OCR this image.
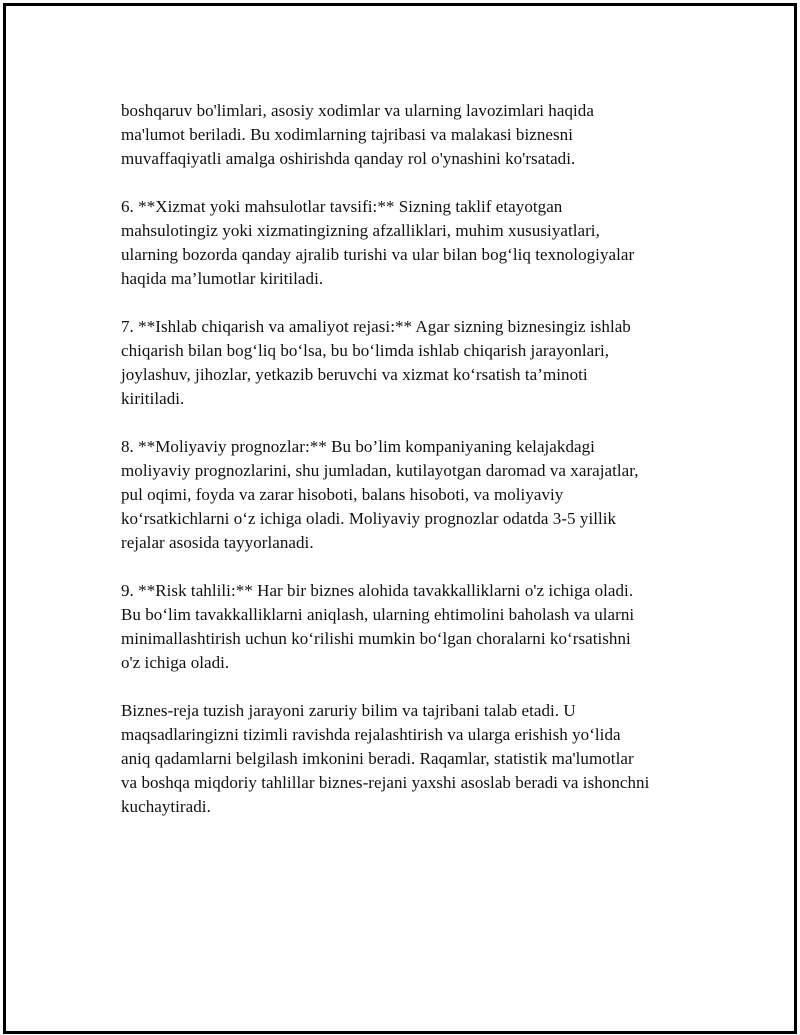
boshqaruv bo'limlari, asosiy xodimlar va ularning lavozimlari haqida
ma'lumot beriladi. Bu xodimlarning tajribasi va malakasi biznesni
muvaffaqiyatli amalga oshirishda qanday rol o'ynashini ko'rsatadi.

6. **Xizmat yoki mahsulotlar tavsifi:** Sizning taklif etayotgan
mahsulotingiz yoki xizmatingizning afzalliklari, muhim xususiyatlari,
ularning bozorda qanday ajralib turishi va ular bilan bog‘liq texnologiyalar
haqida ma’lumotlar kiritiladi.

7. **Ishlab chiqarish va amaliyot rejasi:** Agar sizning biznesingiz ishlab
chiqarish bilan bog‘liq bo‘lsa, bu bo‘limda ishlab chiqarish jarayonlari,
joylashuv, jihozlar, yetkazib beruvchi va xizmat ko‘rsatish ta’minoti
kiritiladi.

8. **Moliyaviy prognozlar:** Bu bo’lim kompaniyaning kelajakdagi
moliyaviy prognozlarini, shu jumladan, kutilayotgan daromad va xarajatlar,
pul oqimi, foyda va zarar hisoboti, balans hisoboti, va moliyaviy
ko‘rsatkichlarni o‘z ichiga oladi. Moliyaviy prognozlar odatda 3-5 yillik
rejalar asosida tayyorlanadi.

9. **Risk tahlili:** Har bir biznes alohida tavakkalliklarni o'z ichiga oladi.
Bu bo‘lim tavakkalliklarni aniqlash, ularning ehtimolini baholash va ularni
minimallashtirish uchun ko‘rilishi mumkin bo‘lgan choralarni ko‘rsatishni
o'z ichiga oladi.

Biznes-reja tuzish jarayoni zaruriy bilim va tajribani talab etadi. U
maqsadlaringizni tizimli ravishda rejalashtirish va ularga erishish yo‘lida
aniq qadamlarni belgilash imkonini beradi. Raqamlar, statistik ma'lumotlar
va boshqa miqdoriy tahlillar biznes-rejani yaxshi asoslab beradi va ishonchni
kuchaytiradi.
